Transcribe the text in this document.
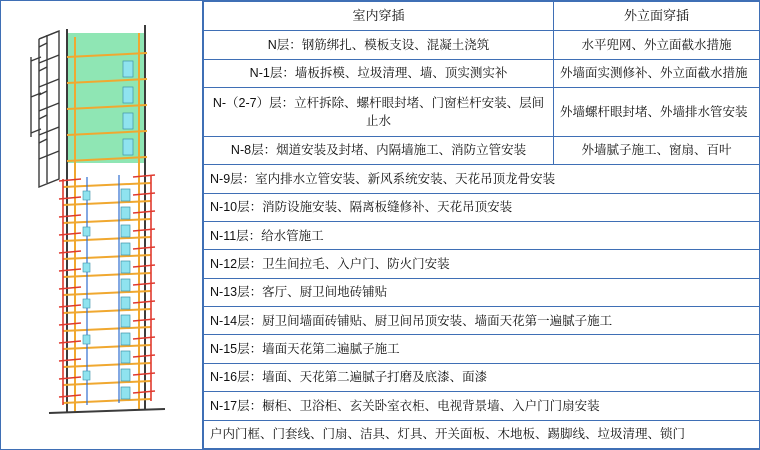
室内穿插	外立面穿插
N层：钢筋绑扎、模板支设、混凝土浇筑	水平兜网、外立面截水措施
N-1层：墙板拆模、垃圾清理、墙、顶实测实补	外墙面实测修补、外立面截水措施
N-（2-7）层：立杆拆除、螺杆眼封堵、门窗栏杆安装、层间止水	外墙螺杆眼封堵、外墙排水管安装
N-8层：烟道安装及封堵、内隔墙施工、消防立管安装	外墙腻子施工、窗扇、百叶
N-9层：室内排水立管安装、新风系统安装、天花吊顶龙骨安装	
N-10层：消防设施安装、隔离板缝修补、天花吊顶安装	
N-11层：给水管施工	
N-12层：卫生间拉毛、入户门、防火门安装	
N-13层：客厅、厨卫间地砖铺贴	
N-14层：厨卫间墙面砖铺贴、厨卫间吊顶安装、墙面天花第一遍腻子施工	
N-15层：墙面天花第二遍腻子施工	
N-16层：墙面、天花第二遍腻子打磨及底漆、面漆	
N-17层：橱柜、卫浴柜、玄关卧室衣柜、电视背景墙、入户门门扇安装	
户内门框、门套线、门扇、洁具、灯具、开关面板、木地板、踢脚线、垃圾清理、锁门	
